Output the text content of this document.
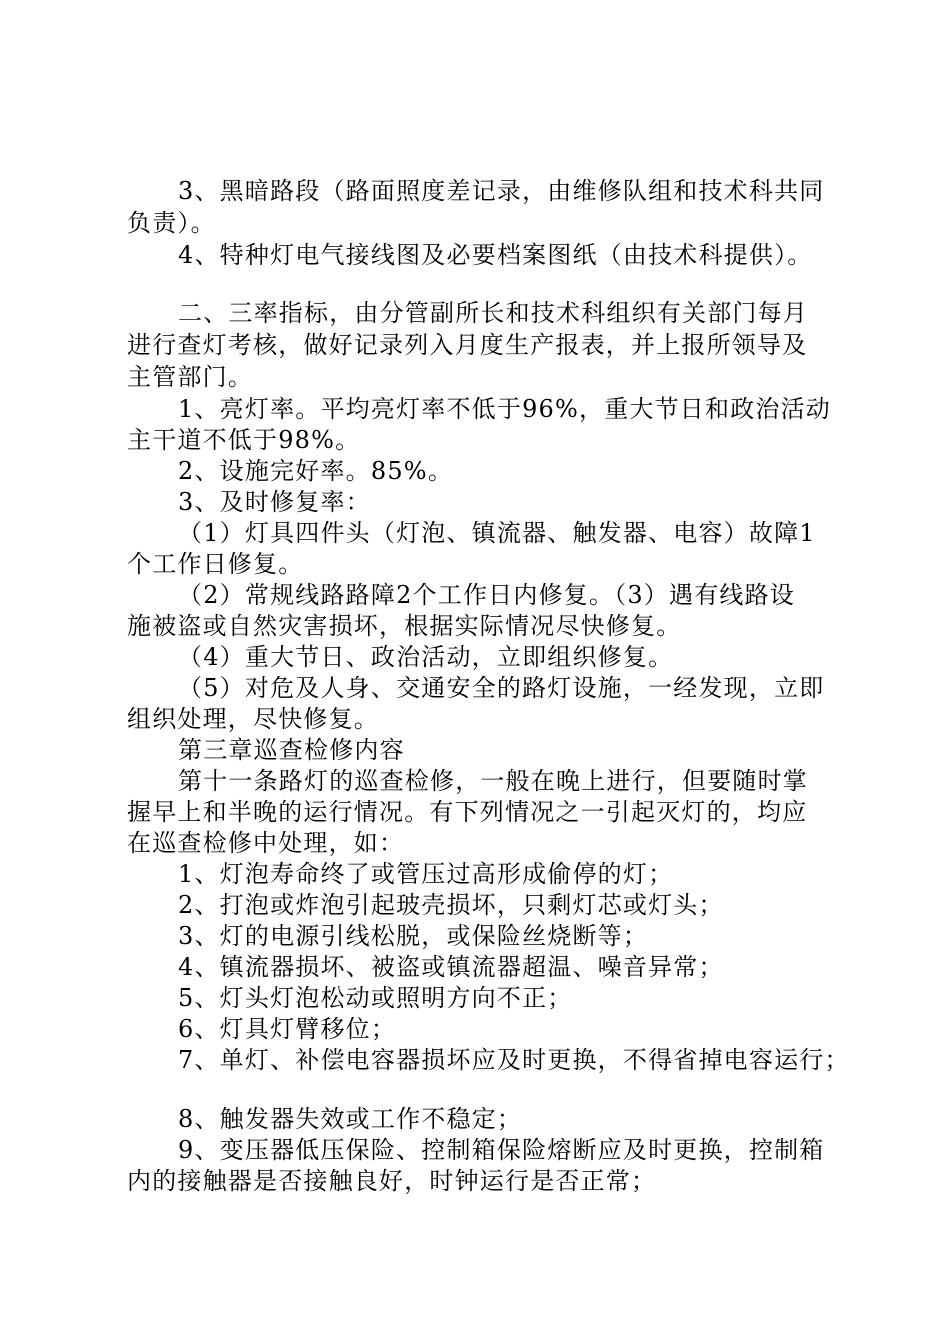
3、黑暗路段（路面照度差记录，由维修队组和技术科共同
负责）。
4、特种灯电气接线图及必要档案图纸（由技术科提供）。
二、三率指标，由分管副所长和技术科组织有关部门每月
进行查灯考核，做好记录列入月度生产报表，并上报所领导及
主管部门。
1、亮灯率。平均亮灯率不低于96%，重大节日和政治活动
主干道不低于98%。
2、设施完好率。85%。
3、及时修复率：
（1）灯具四件头（灯泡、镇流器、触发器、电容）故障1
个工作日修复。
（2）常规线路路障2个工作日内修复。（3）遇有线路设
施被盗或自然灾害损坏，根据实际情况尽快修复。
（4）重大节日、政治活动，立即组织修复。
（5）对危及人身、交通安全的路灯设施，一经发现，立即
组织处理，尽快修复。
第三章巡查检修内容
第十一条路灯的巡查检修，一般在晚上进行，但要随时掌
握早上和半晚的运行情况。有下列情况之一引起灭灯的，均应
在巡查检修中处理，如：
1、灯泡寿命终了或管压过高形成偷停的灯；
2、打泡或炸泡引起玻壳损坏，只剩灯芯或灯头；
3、灯的电源引线松脱，或保险丝烧断等；
4、镇流器损坏、被盗或镇流器超温、噪音异常；
5、灯头灯泡松动或照明方向不正；
6、灯具灯臂移位；
7、单灯、补偿电容器损坏应及时更换，不得省掉电容运行；
8、触发器失效或工作不稳定；
9、变压器低压保险、控制箱保险熔断应及时更换，控制箱
内的接触器是否接触良好，时钟运行是否正常；
